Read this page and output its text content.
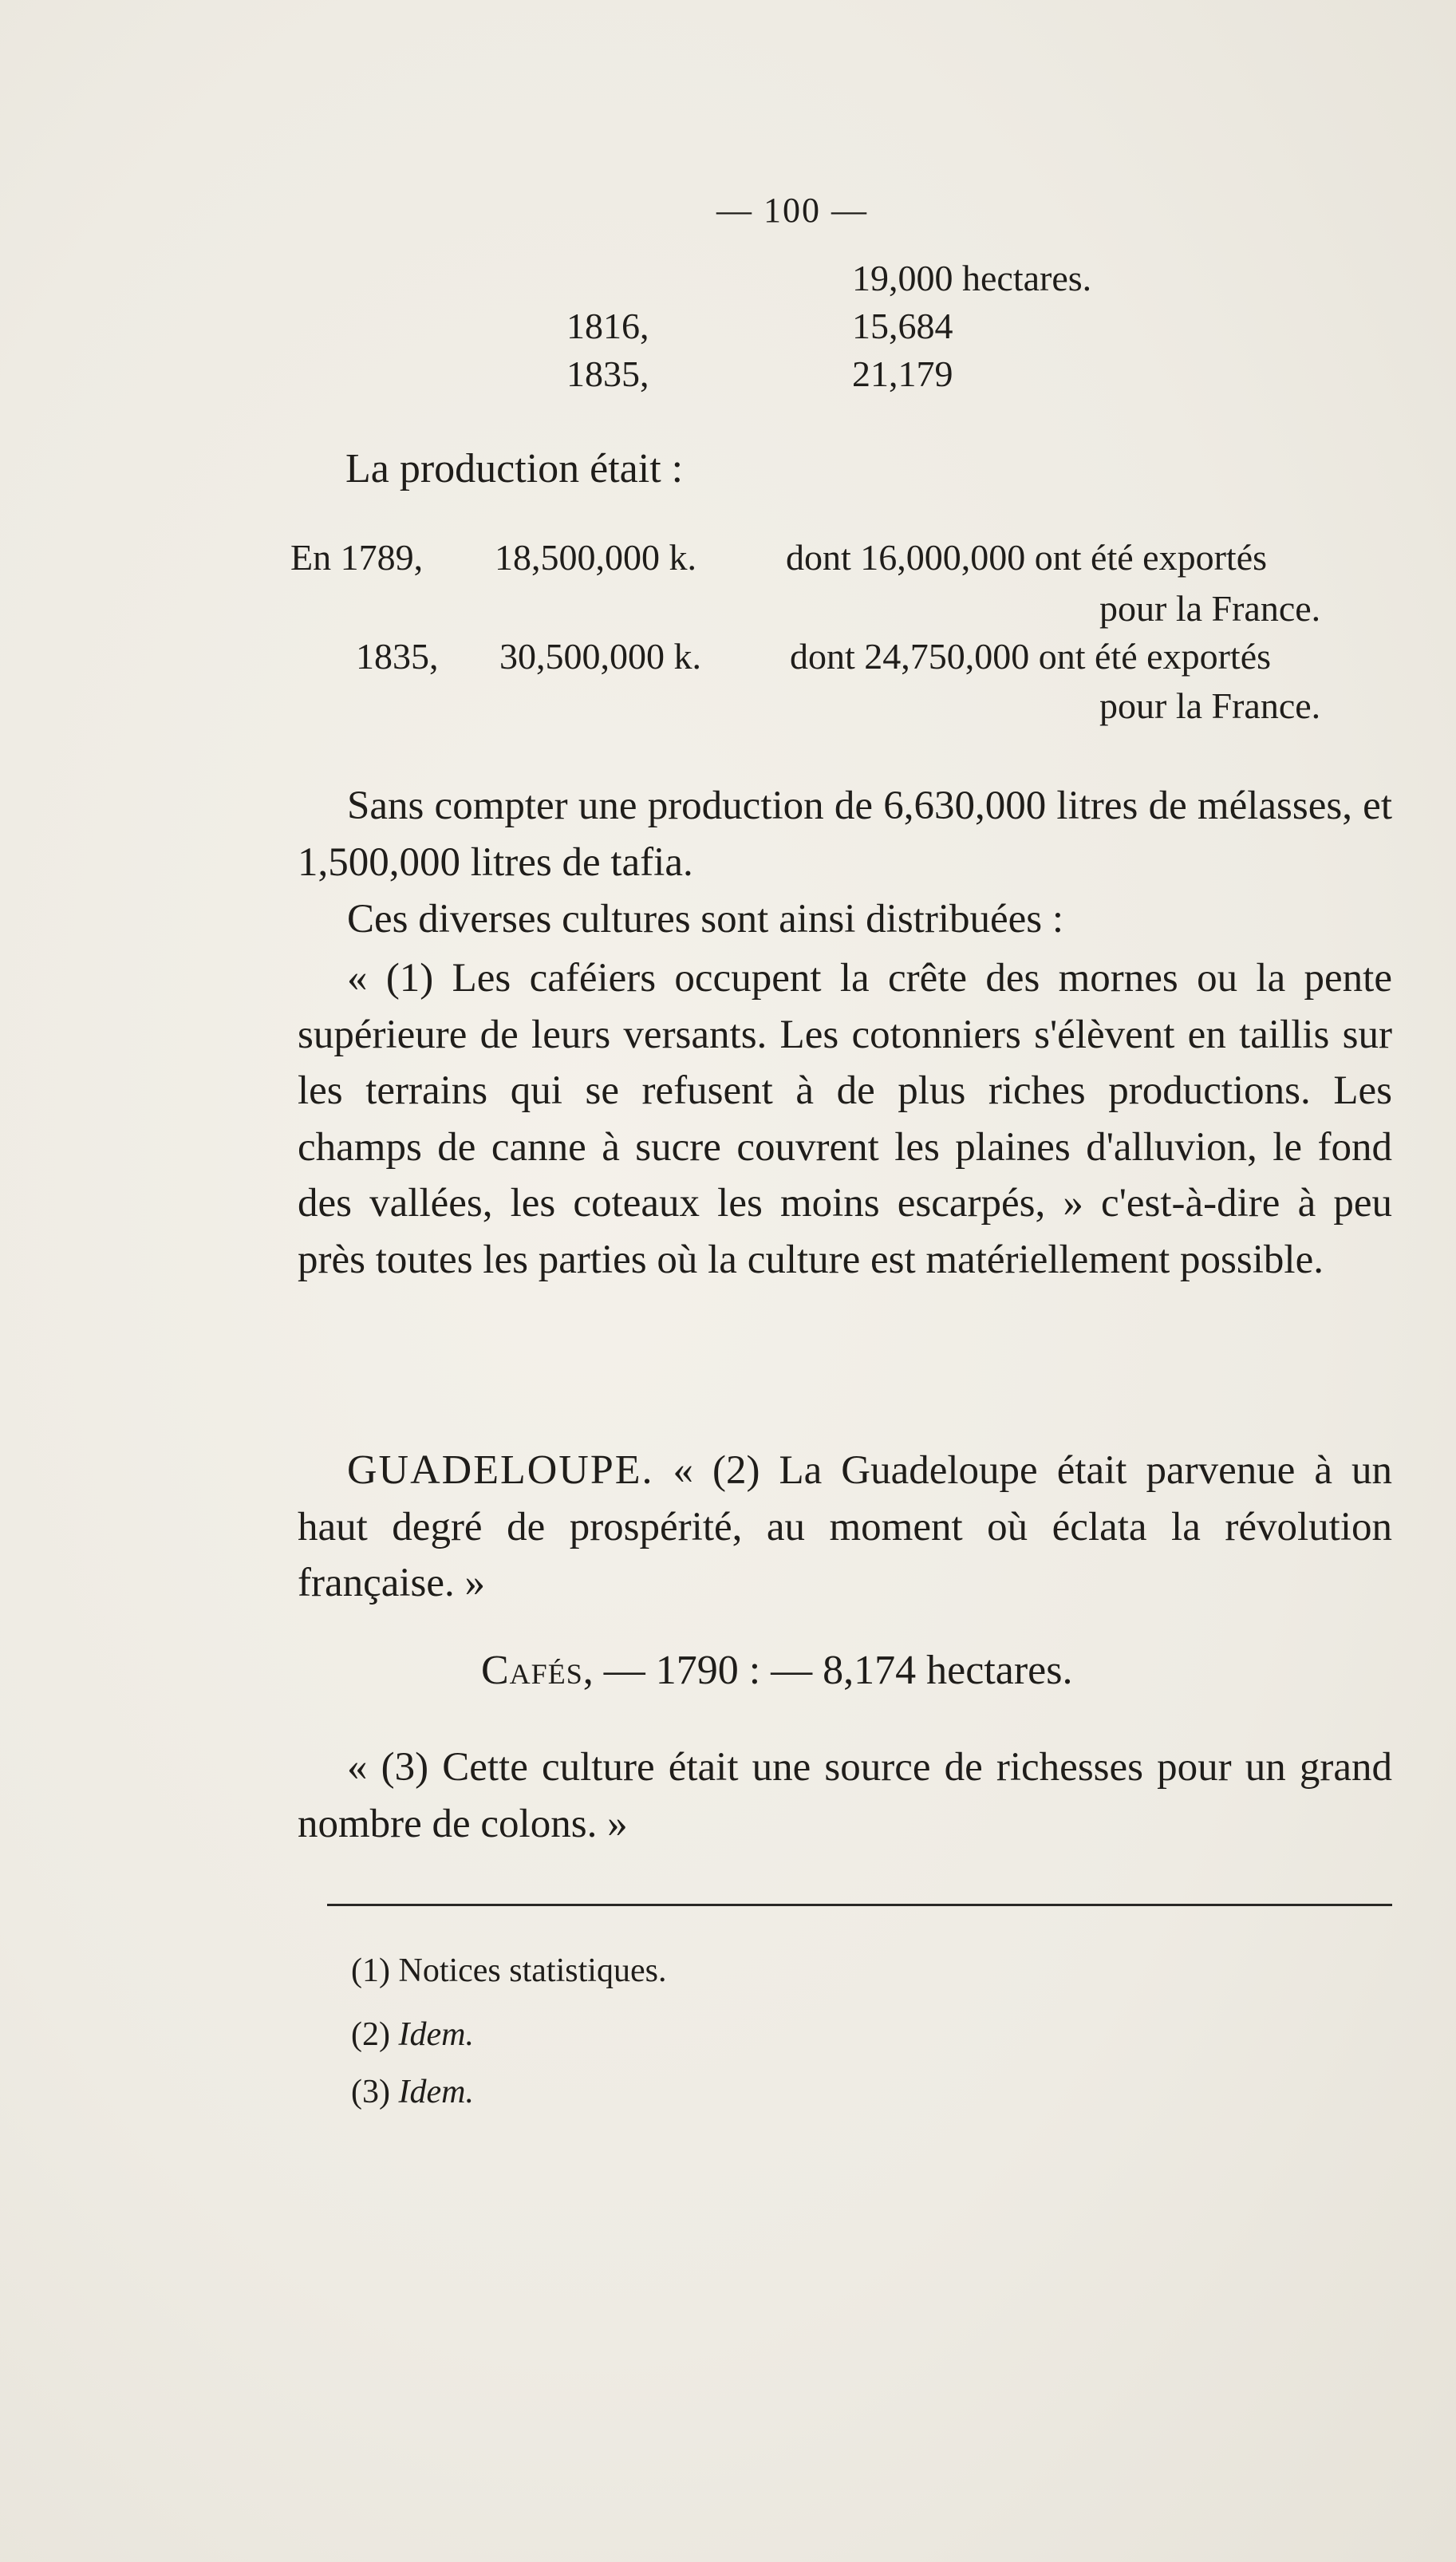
— 100 —
19,000 hectares.
1816,	15,684
1835,	21,179
La production était :
En 1789, 18,500,000 k. dont 16,000,000 ont été exportés
pour la France.
1835, 30,500,000 k. dont 24,750,000 ont été exportés
pour la France.
Sans compter une production de 6,630,000 litres de mélasses, et 1,500,000 litres de tafia.
Ces diverses cultures sont ainsi distribuées :
« (1) Les caféiers occupent la crête des mornes ou la pente supérieure de leurs versants. Les cotonniers s'élèvent en taillis sur les terrains qui se refusent à de plus riches productions. Les champs de canne à sucre couvrent les plaines d'alluvion, le fond des vallées, les coteaux les moins escarpés, » c'est-à-dire à peu près toutes les parties où la culture est matériellement possible.
GUADELOUPE. « (2) La Guadeloupe était parvenue à un haut degré de prospérité, au moment où éclata la révolution française. »
Cafés, — 1790 : — 8,174 hectares.
« (3) Cette culture était une source de richesses pour un grand nombre de colons. »
(1) Notices statistiques.
(2) Idem.
(3) Idem.
